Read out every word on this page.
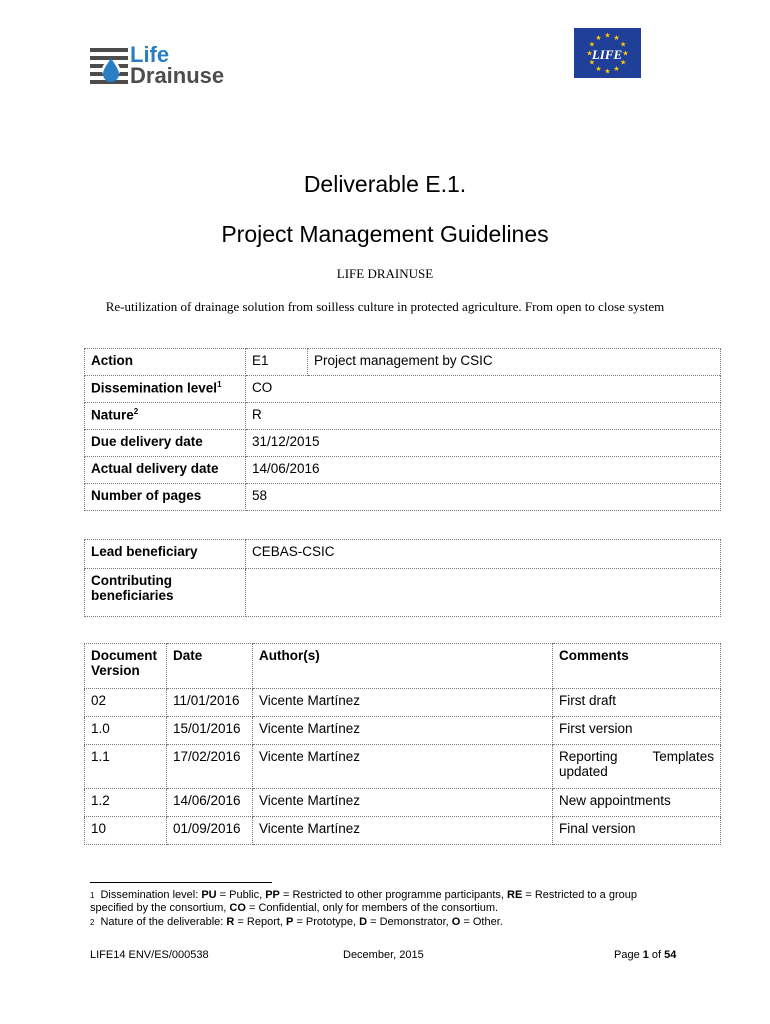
Life
Drainuse
LIFE
★ ★
★
★
★
★
★
★
★
★
★
★
Deliverable E.1.
Project Management Guidelines
LIFE DRAINUSE
Re-utilization of drainage solution from soilless culture in protected agriculture. From open to close system
Action	E1	Project management by CSIC
Dissemination level$^1$	CO	
Nature$^2$	R	
Due delivery date	31/12/2015	
Actual delivery date	14/06/2016	
Number of pages	58	
Lead beneficiary	CEBAS-CSIC
Contributing beneficiaries	
Document Version	Date	Author(s)	Comments
02	11/01/2016	Vicente Martínez	First draft
1.0	15/01/2016	Vicente Martínez	First version
1.1	17/02/2016	Vicente Martínez	Reporting Templates updated
1.2	14/06/2016	Vicente Martínez	New appointments
10	01/09/2016	Vicente Martínez	Final version
$^1$ Dissemination level: PU = Public, PP = Restricted to other programme participants, RE = Restricted to a group specified by the consortium, CO = Confidential, only for members of the consortium.
$^2$ Nature of the deliverable: R = Report, P = Prototype, D = Demonstrator, O = Other.
LIFE14 ENV/ES/000538	December, 2015	Page 1 of 54
